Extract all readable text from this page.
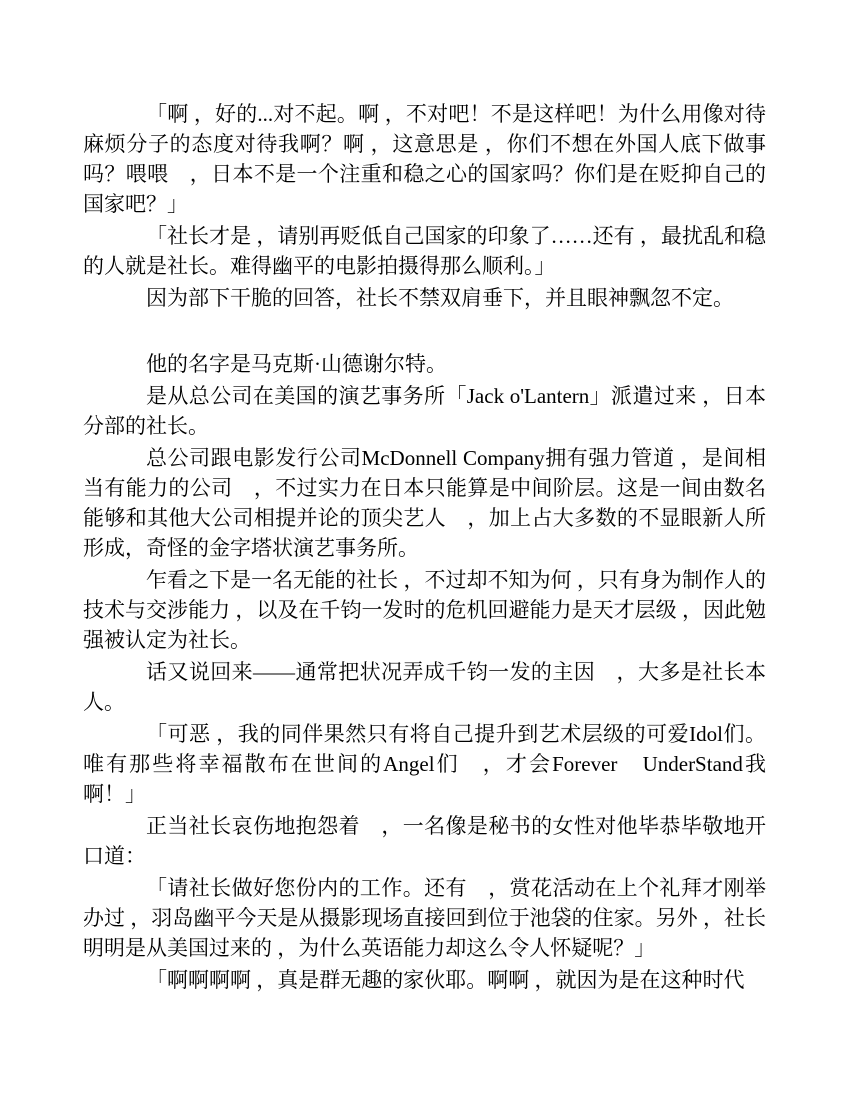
「啊 ，好的...对不起。啊 ，不对吧！不是这样吧！为什么用像对待麻烦分子的态度对待我啊？啊 ，这意思是 ，你们不想在外国人底下做事吗？喂喂　，日本不是一个注重和稳之心的国家吗？你们是在贬抑自己的国家吧？」

「社长才是 ，请别再贬低自己国家的印象了……还有 ，最扰乱和稳的人就是社长。难得幽平的电影拍摄得那么顺利。」

因为部下干脆的回答，社长不禁双肩垂下，并且眼神飘忽不定。

他的名字是马克斯·山德谢尔特。

是从总公司在美国的演艺事务所「Jack o'Lantern」派遣过来 ，日本分部的社长。

总公司跟电影发行公司McDonnell Company拥有强力管道 ，是间相当有能力的公司　，不过实力在日本只能算是中间阶层。这是一间由数名能够和其他大公司相提并论的顶尖艺人　，加上占大多数的不显眼新人所形成，奇怪的金字塔状演艺事务所。

乍看之下是一名无能的社长 ，不过却不知为何 ，只有身为制作人的技术与交涉能力 ，以及在千钧一发时的危机回避能力是天才层级 ，因此勉强被认定为社长。

话又说回来——通常把状况弄成千钧一发的主因　，大多是社长本人。

「可恶 ，我的同伴果然只有将自己提升到艺术层级的可爱Idol们。唯有那些将幸福散布在世间的Angel们　，才会Forever　UnderStand我啊！」

正当社长哀伤地抱怨着　，一名像是秘书的女性对他毕恭毕敬地开口道：

「请社长做好您份内的工作。还有　，赏花活动在上个礼拜才刚举办过 ，羽岛幽平今天是从摄影现场直接回到位于池袋的住家。另外 ，社长明明是从美国过来的 ，为什么英语能力却这么令人怀疑呢？」

「啊啊啊啊 ，真是群无趣的家伙耶。啊啊 ，就因为是在这种时代
